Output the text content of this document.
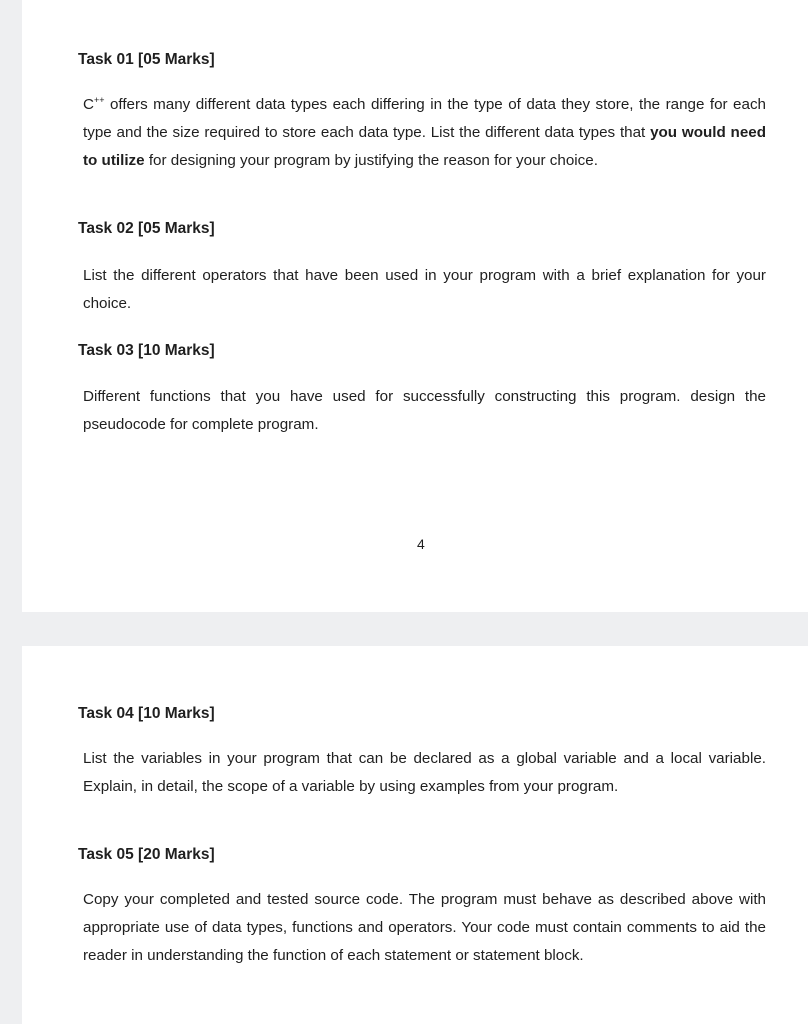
Task 01 [05 Marks]

C++ offers many different data types each differing in the type of data they store, the range for each type and the size required to store each data type. List the different data types that you would need to utilize for designing your program by justifying the reason for your choice.

Task 02 [05 Marks]

List the different operators that have been used in your program with a brief explanation for your choice.

Task 03 [10 Marks]

Different functions that you have used for successfully constructing this program. design the pseudocode for complete program.

4
Task 04 [10 Marks]

List the variables in your program that can be declared as a global variable and a local variable. Explain, in detail, the scope of a variable by using examples from your program.

Task 05 [20 Marks]

Copy your completed and tested source code. The program must behave as described above with appropriate use of data types, functions and operators. Your code must contain comments to aid the reader in understanding the function of each statement or statement block.
